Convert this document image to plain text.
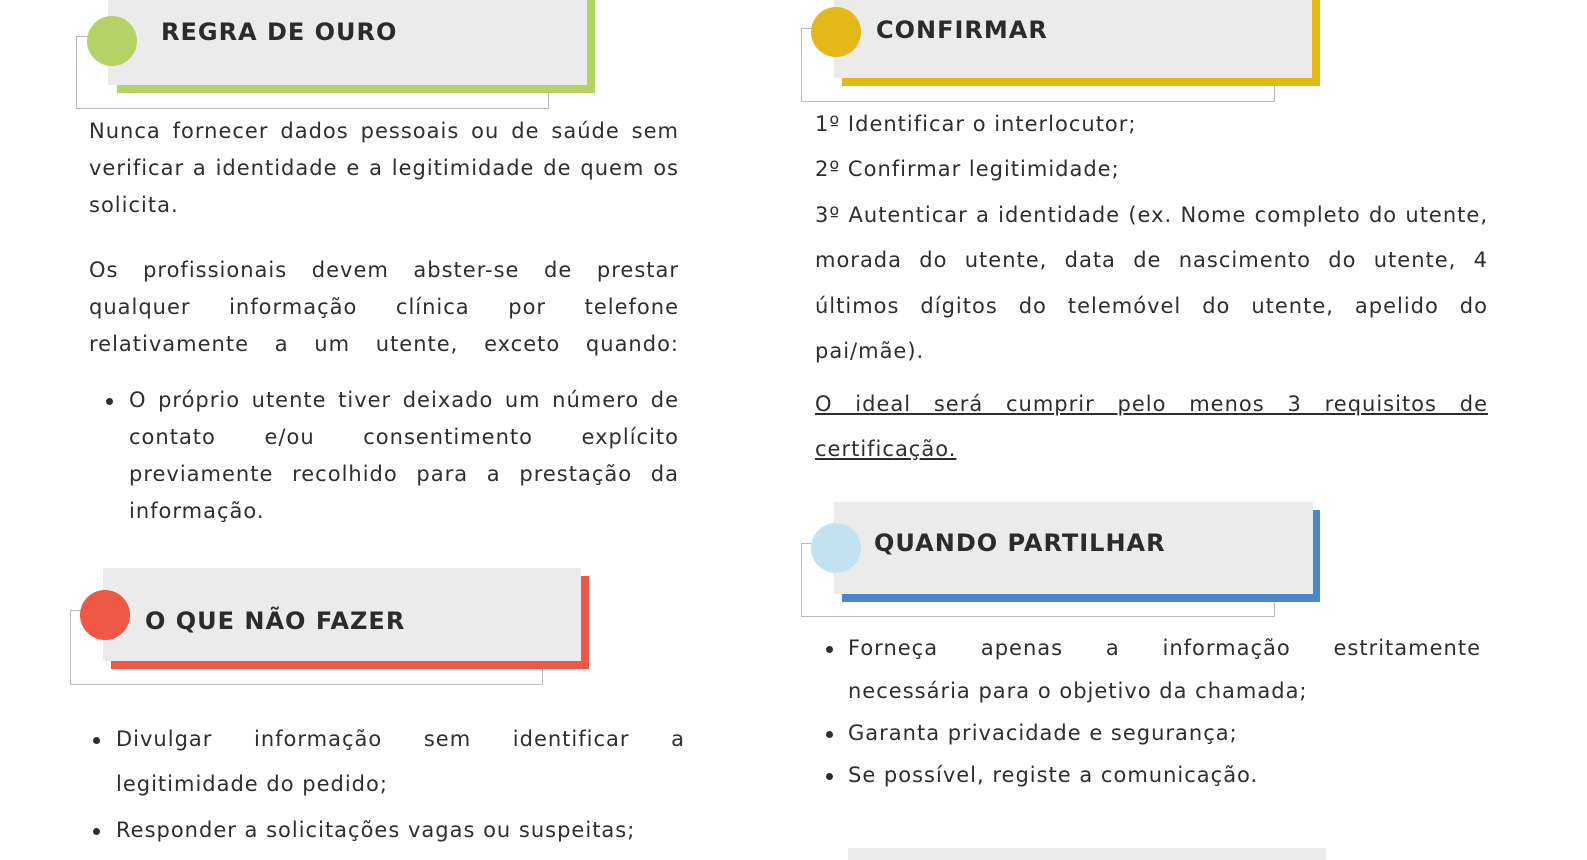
REGRA DE OURO

Nunca fornecer dados pessoais ou de saúde sem verificar a identidade e a legitimidade de quem os solicita.

Os profissionais devem abster-se de prestar qualquer informação clínica por telefone relativamente a um utente, exceto quando:

O próprio utente tiver deixado um número de contato e/ou consentimento explícito previamente recolhido para a prestação da informação.

O QUE NÃO FAZER

Divulgar informação sem identificar a

legitimidade do pedido;

Responder a solicitações vagas ou suspeitas;

CONFIRMAR

1º Identificar o interlocutor;

2º Confirmar legitimidade;

3º Autenticar a identidade (ex. Nome completo do utente,

morada do utente, data de nascimento do utente, 4

últimos dígitos do telemóvel do utente, apelido do

pai/mãe).

O ideal será cumprir pelo menos 3 requisitos de

certificação.

QUANDO PARTILHAR

Forneça apenas a informação estritamente

necessária para o objetivo da chamada;

Garanta privacidade e segurança;

Se possível, registe a comunicação.
